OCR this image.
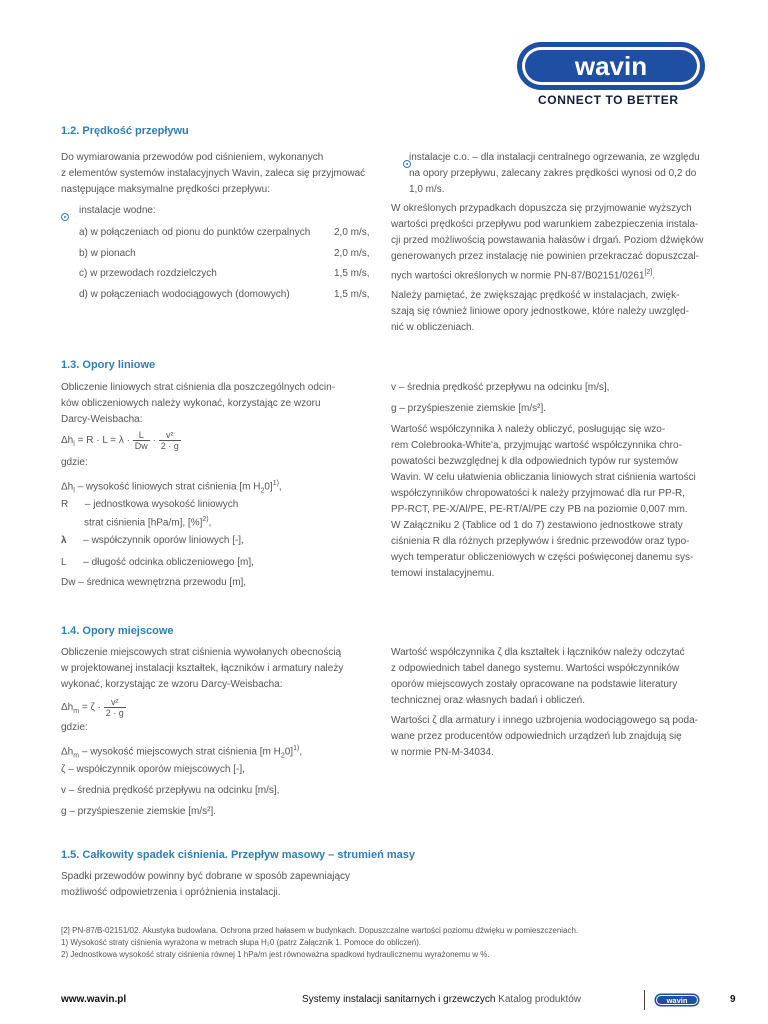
wavin
CONNECT TO BETTER
1.2. Prędkość przepływu

Do wymiarowania przewodów pod ciśnieniem, wykonanych

z elementów systemów instalacyjnych Wavin, zaleca się przyjmować

następujące maksymalne prędkości przepływu:

instalacje wodne:

a) w połączeniach od pionu do punktów czerpalnych 2,0 m/s,
b) w pionach	2,0 m/s,
c) w przewodach rozdzielczych	1,5 m/s,
d) w połączeniach wodociągowych (domowych)	1,5 m/s,

instalacje c.o. – dla instalacji centralnego ogrzewania, ze względu

na opory przepływu, zalecany zakres prędkości wynosi od 0,2 do

1,0 m/s.

W określonych przypadkach dopuszcza się przyjmowanie wyższych

wartości prędkości przepływu pod warunkiem zabezpieczenia instala-

cji przed możliwością powstawania hałasów i drgań. Poziom dźwięków

generowanych przez instalację nie powinien przekraczać dopuszczal-

nych wartości określonych w normie PN-87/B02151/0261[2].

Należy pamiętać, że zwiększając prędkość w instalacjach, zwięk-

szają się również liniowe opory jednostkowe, które należy uwzględ-

nić w obliczeniach.

1.3. Opory liniowe

Obliczenie liniowych strat ciśnienia dla poszczególnych odcin-

ków obliczeniowych należy wykonać, korzystając ze wzoru

Darcy-Weisbacha:

$\Delta h_l = R \cdot L = \lambda \cdot \frac{L}{Dw} \cdot \frac{\text{v²}}{2 \cdot g}$

gdzie:

$\Delta h_l$ – wysokość liniowych strat ciśnienia [m $H_20]^{1)}$,

R      – jednostkowa wysokość liniowych

strat ciśnienia [hPa/m], [%]$^{2)}$,

λ      – współczynnik oporów liniowych [-],

L      – długość odcinka obliczeniowego [m],

Dw – średnica wewnętrzna przewodu [m],

v – średnia prędkość przepływu na odcinku [m/s],

g – przyśpieszenie ziemskie [m/s²].

Wartość współczynnika λ należy obliczyć, posługując się wzo-

rem Colebrooka-White'a, przyjmując wartość współczynnika chro-

powatości bezwzględnej k dla odpowiednich typów rur systemów

Wavin. W celu ułatwienia obliczania liniowych strat ciśnienia wartości

współczynników chropowatości k należy przyjmować dla rur PP-R,

PP-RCT, PE-X/Al/PE, PE-RT/Al/PE czy PB na poziomie 0,007 mm.

W Załączniku 2 (Tablice od 1 do 7) zestawiono jednostkowe straty

ciśnienia R dla różnych przepływów i średnic przewodów oraz typo-

wych temperatur obliczeniowych w części poświęconej danemu sys-

temowi instalacyjnemu.

1.4. Opory miejscowe

Obliczenie miejscowych strat ciśnienia wywołanych obecnością

w projektowanej instalacji kształtek, łączników i armatury należy

wykonać, korzystając ze wzoru Darcy-Weisbacha:

$\Delta h_m = \zeta \cdot \frac{\text{v²}}{2 \cdot g}$

gdzie:

$\Delta h_m$ – wysokość miejscowych strat ciśnienia [m $H_20]^{1)}$,

ζ – współczynnik oporów miejscowych [-],

v – średnia prędkość przepływu na odcinku [m/s],

g – przyśpieszenie ziemskie [m/s²].

Wartość współczynnika ζ dla kształtek i łączników należy odczytać

z odpowiednich tabel danego systemu. Wartości współczynników

oporów miejscowych zostały opracowane na podstawie literatury

technicznej oraz własnych badań i obliczeń.

Wartości ζ dla armatury i innego uzbrojenia wodociągowego są poda-

wane przez producentów odpowiednich urządzeń lub znajdują się

w normie PN-M-34034.

1.5. Całkowity spadek ciśnienia. Przepływ masowy – strumień masy

Spadki przewodów powinny być dobrane w sposób zapewniający

możliwość odpowietrzenia i opróżnienia instalacji.

[2] PN-87/B-02151/02. Akustyka budowlana. Ochrona przed hałasem w budynkach. Dopuszczalne wartości poziomu dźwięku w pomieszczeniach.

1) Wysokość straty ciśnienia wyrażona w metrach słupa H₂0 (patrz Załącznik 1. Pomoce do obliczeń).

2) Jednostkowa wysokość straty ciśnienia równej 1 hPa/m jest równoważna spadkowi hydraulicznemu wyrażonemu w %.

www.wavin.pl	Systemy instalacji sanitarnych i grzewczych Katalog produktów	wavin	9
